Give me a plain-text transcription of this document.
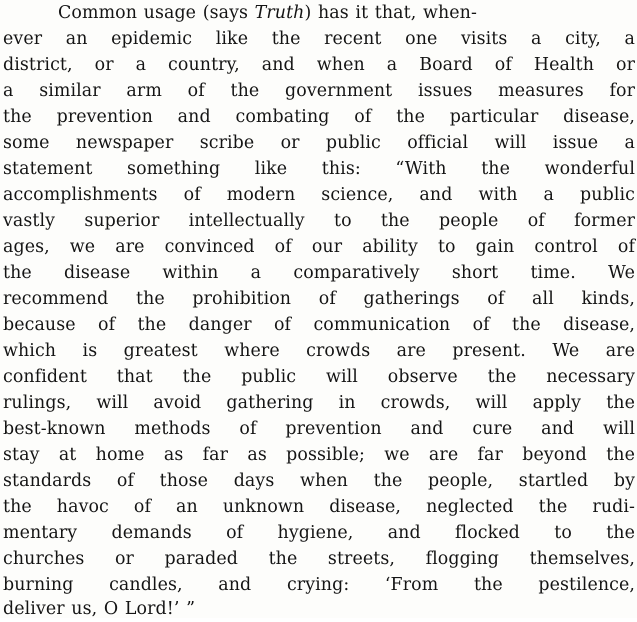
Common usage (says Truth) has it that, when-
ever an epidemic like the recent one visits a city, a
district, or a country, and when a Board of Health or
a similar arm of the government issues measures for
the prevention and combating of the particular disease,
some newspaper scribe or public official will issue a
statement something like this: “With the wonderful
accomplishments of modern science, and with a public
vastly superior intellectually to the people of former
ages, we are convinced of our ability to gain control of
the disease within a comparatively short time. We
recommend the prohibition of gatherings of all kinds,
because of the danger of communication of the disease,
which is greatest where crowds are present. We are
confident that the public will observe the necessary
rulings, will avoid gathering in crowds, will apply the
best-known methods of prevention and cure and will
stay at home as far as possible; we are far beyond the
standards of those days when the people, startled by
the havoc of an unknown disease, neglected the rudi-
mentary demands of hygiene, and flocked to the
churches or paraded the streets, flogging themselves,
burning candles, and crying: ‘From the pestilence,
deliver us, O Lord!’ ”
